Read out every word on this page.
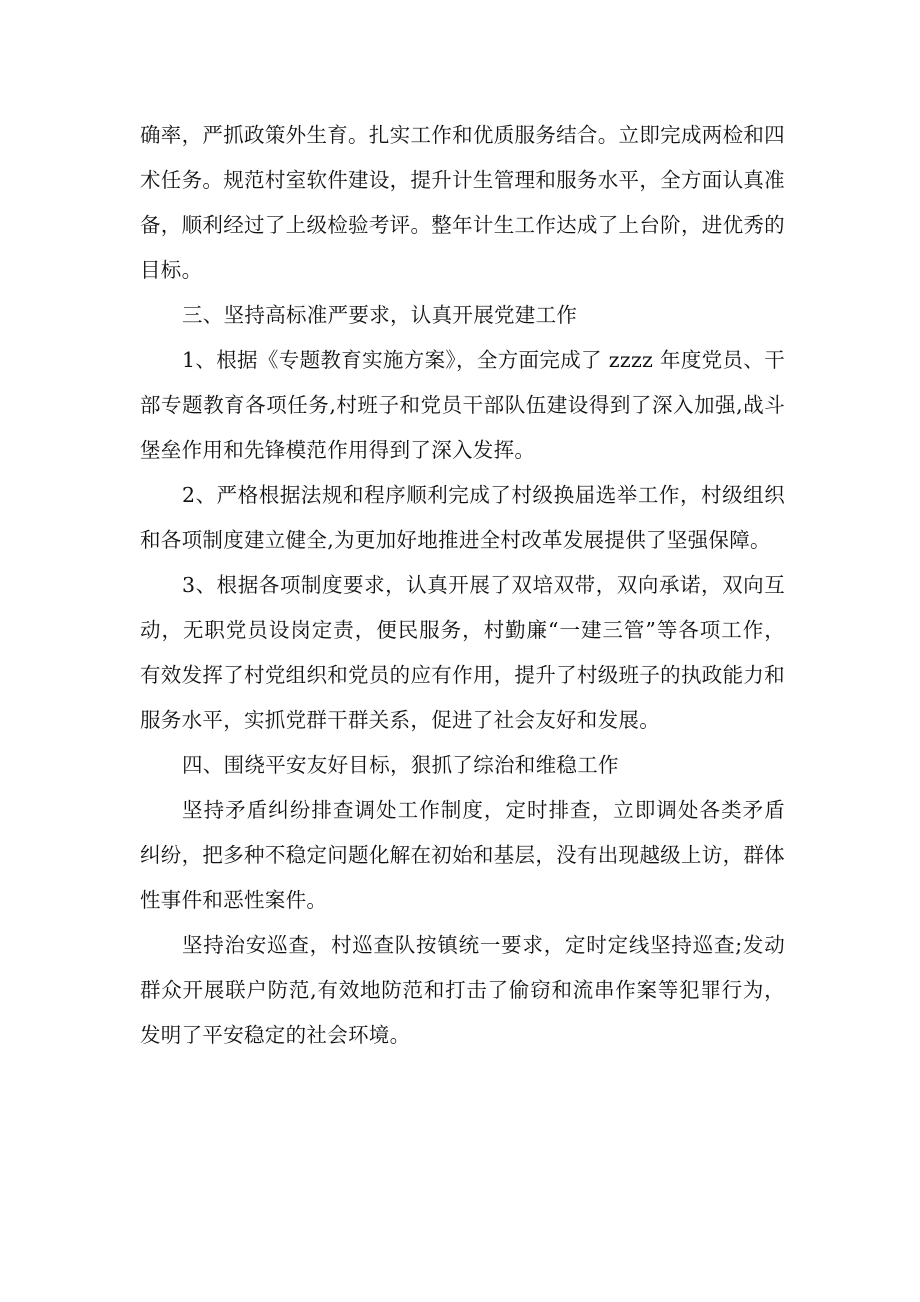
确率，严抓政策外生育。扎实工作和优质服务结合。立即完成两检和四术任务。规范村室软件建设，提升计生管理和服务水平，全方面认真准备，顺利经过了上级检验考评。整年计生工作达成了上台阶，进优秀的目标。

三、坚持高标准严要求，认真开展党建工作

1、根据《专题教育实施方案》，全方面完成了 zzzz 年度党员、干部专题教育各项任务,村班子和党员干部队伍建设得到了深入加强,战斗堡垒作用和先锋模范作用得到了深入发挥。

2、严格根据法规和程序顺利完成了村级换届选举工作，村级组织和各项制度建立健全,为更加好地推进全村改革发展提供了坚强保障。

3、根据各项制度要求，认真开展了双培双带，双向承诺，双向互动，无职党员设岗定责，便民服务，村勤廉“一建三管”等各项工作，有效发挥了村党组织和党员的应有作用，提升了村级班子的执政能力和服务水平，实抓党群干群关系，促进了社会友好和发展。

四、围绕平安友好目标，狠抓了综治和维稳工作

坚持矛盾纠纷排查调处工作制度，定时排查，立即调处各类矛盾纠纷，把多种不稳定问题化解在初始和基层，没有出现越级上访，群体性事件和恶性案件。

坚持治安巡查，村巡查队按镇统一要求，定时定线坚持巡查;发动群众开展联户防范,有效地防范和打击了偷窃和流串作案等犯罪行为，发明了平安稳定的社会环境。
